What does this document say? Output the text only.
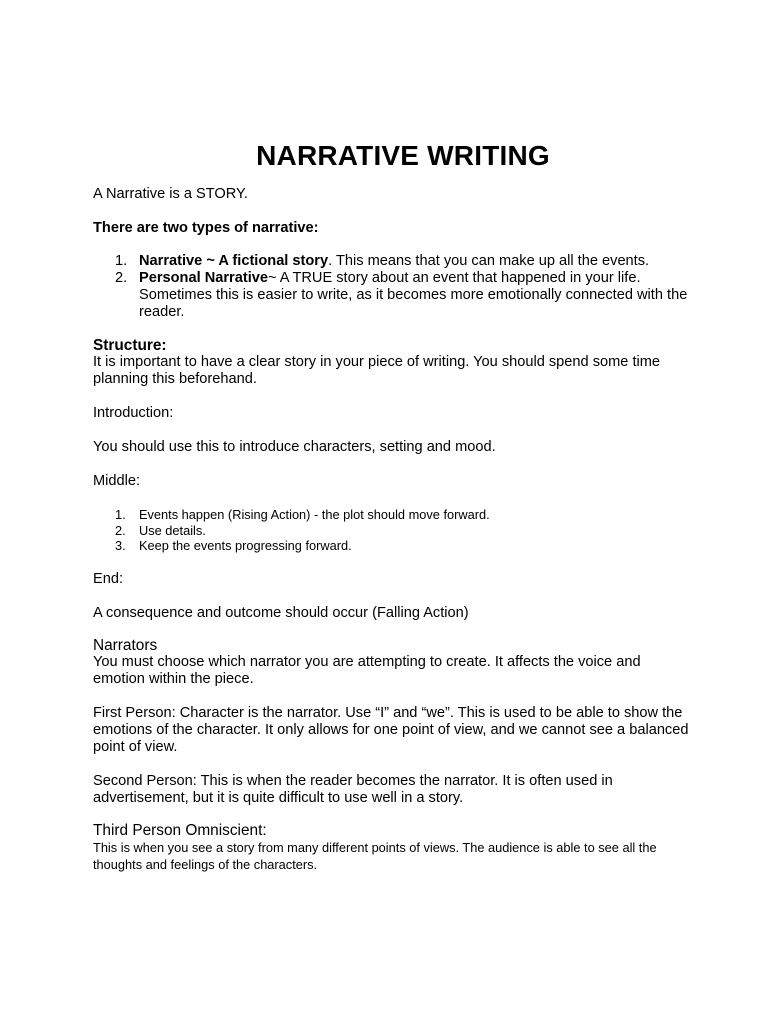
NARRATIVE WRITING

A Narrative is a STORY.

There are two types of narrative:

1. Narrative ~ A fictional story. This means that you can make up all the events.
2. Personal Narrative~ A TRUE story about an event that happened in your life. Sometimes this is easier to write, as it becomes more emotionally connected with the reader.

Structure:

It is important to have a clear story in your piece of writing. You should spend some time planning this beforehand.

Introduction:

You should use this to introduce characters, setting and mood.

Middle:

1. Events happen (Rising Action) - the plot should move forward.
2. Use details.
3. Keep the events progressing forward.

End:

A consequence and outcome should occur (Falling Action)

Narrators

You must choose which narrator you are attempting to create. It affects the voice and emotion within the piece.

First Person: Character is the narrator. Use “I” and “we”. This is used to be able to show the emotions of the character. It only allows for one point of view, and we cannot see a balanced point of view.

Second Person: This is when the reader becomes the narrator. It is often used in advertisement, but it is quite difficult to use well in a story.

Third Person Omniscient:

This is when you see a story from many different points of views. The audience is able to see all the thoughts and feelings of the characters.
